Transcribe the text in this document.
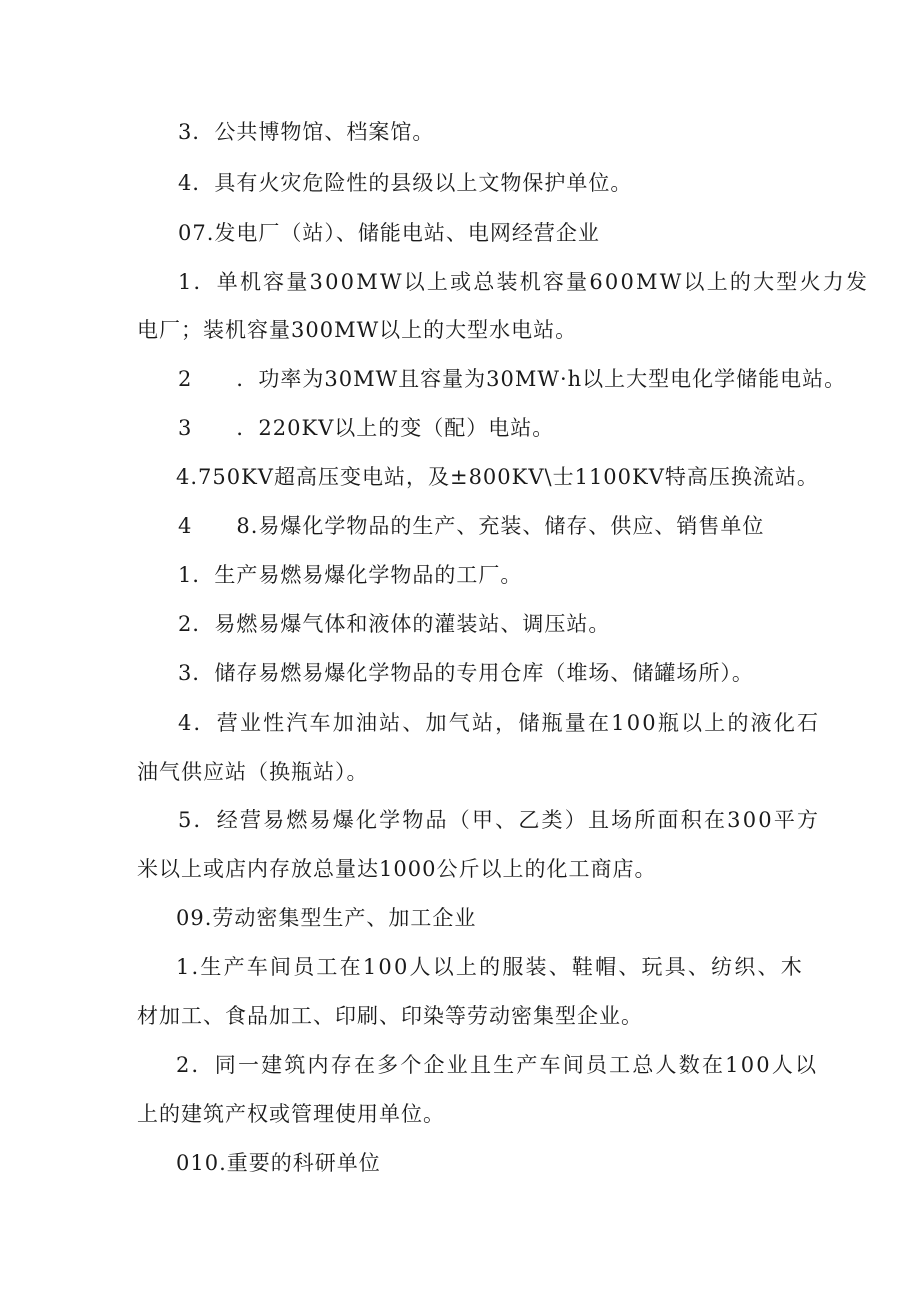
3．公共博物馆、档案馆。
4．具有火灾危险性的县级以上文物保护单位。
07.发电厂（站）、储能电站、电网经营企业
1．单机容量300MW以上或总装机容量600MW以上的大型火力发
电厂；装机容量300MW以上的大型水电站。
2　　．功率为30MW且容量为30MW·h以上大型电化学储能电站。
3　　．220KV以上的变（配）电站。
4.750KV超高压变电站，及±800KV\士1100KV特高压换流站。
4　　8.易爆化学物品的生产、充装、储存、供应、销售单位
1．生产易燃易爆化学物品的工厂。
2．易燃易爆气体和液体的灌装站、调压站。
3．储存易燃易爆化学物品的专用仓库（堆场、储罐场所）。
4．营业性汽车加油站、加气站，储瓶量在100瓶以上的液化石
油气供应站（换瓶站）。
5．经营易燃易爆化学物品（甲、乙类）且场所面积在300平方
米以上或店内存放总量达1000公斤以上的化工商店。
09.劳动密集型生产、加工企业
1.生产车间员工在100人以上的服装、鞋帽、玩具、纺织、木
材加工、食品加工、印刷、印染等劳动密集型企业。
2．同一建筑内存在多个企业且生产车间员工总人数在100人以
上的建筑产权或管理使用单位。
010.重要的科研单位
